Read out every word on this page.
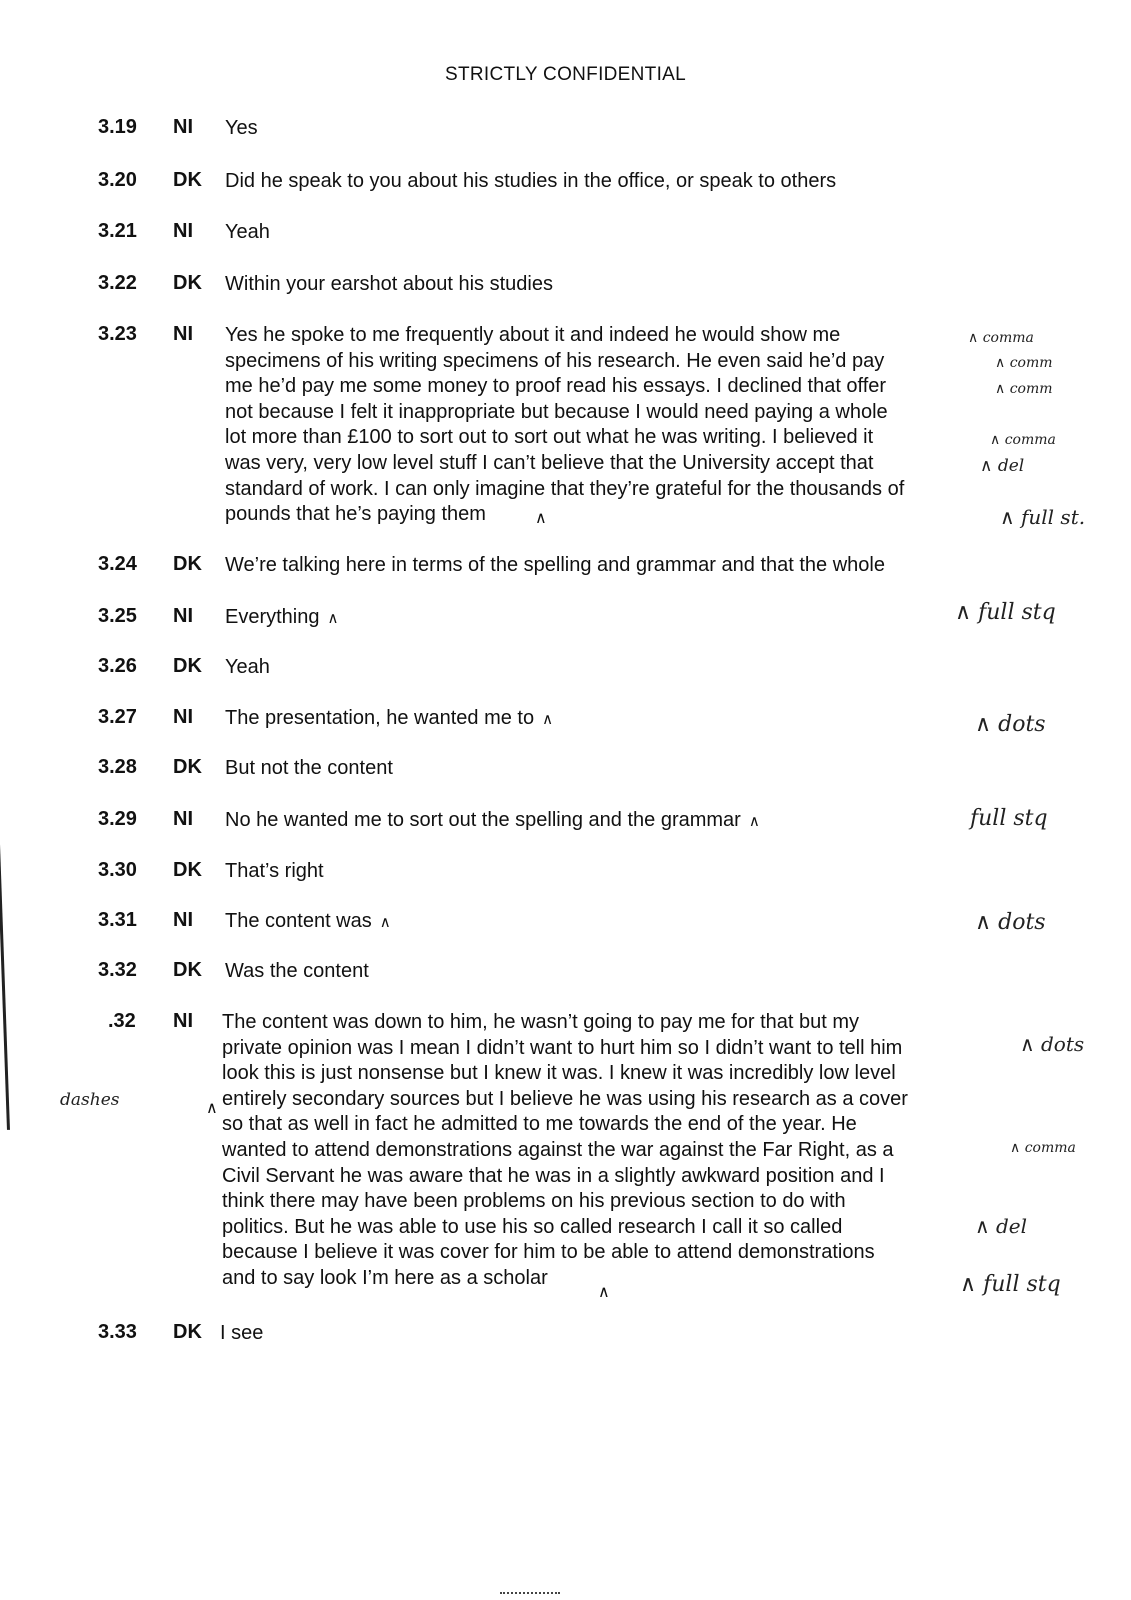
STRICTLY CONFIDENTIAL
3.19 NI Yes
3.20 DK Did he speak to you about his studies in the office, or speak to others
3.21 NI Yeah
3.22 DK Within your earshot about his studies
3.23 NI Yes he spoke to me frequently about it and indeed he would show me
specimens of his writing specimens of his research. He even said he’d pay
me he’d pay me some money to proof read his essays. I declined that offer
not because I felt it inappropriate but because I would need paying a whole
lot more than £100 to sort out to sort out what he was writing. I believed it
was very, very low level stuff I can’t believe that the University accept that
standard of work. I can only imagine that they’re grateful for the thousands of
pounds that he’s paying them
∧ comma
∧ comm
∧ comm
∧ comma
∧ del
∧ full st.
∧
3.24 DK We’re talking here in terms of the spelling and grammar and that the whole
3.25 NI Everything ∧	∧ full stq
3.26 DK Yeah
3.27 NI The presentation, he wanted me to ∧	∧ dots
3.28 DK But not the content
3.29 NI No he wanted me to sort out the spelling and the grammar ∧	full stq
3.30 DK That’s right
3.31 NI The content was ∧	∧ dots
3.32 DK Was the content
.32 NI The content was down to him, he wasn’t going to pay me for that but my
private opinion was I mean I didn’t want to hurt him so I didn’t want to tell him
look this is just nonsense but I knew it was. I knew it was incredibly low level
entirely secondary sources but I believe he was using his research as a cover
so that as well in fact he admitted to me towards the end of the year. He
wanted to attend demonstrations against the war against the Far Right, as a
Civil Servant he was aware that he was in a slightly awkward position and I
think there may have been problems on his previous section to do with
politics. But he was able to use his so called research I call it so called
because I believe it was cover for him to be able to attend demonstrations
and to say look I’m here as a scholar
dashes	∧
∧ dots
∧ comma
∧ del
∧	∧ full stq
3.33 DK I see
